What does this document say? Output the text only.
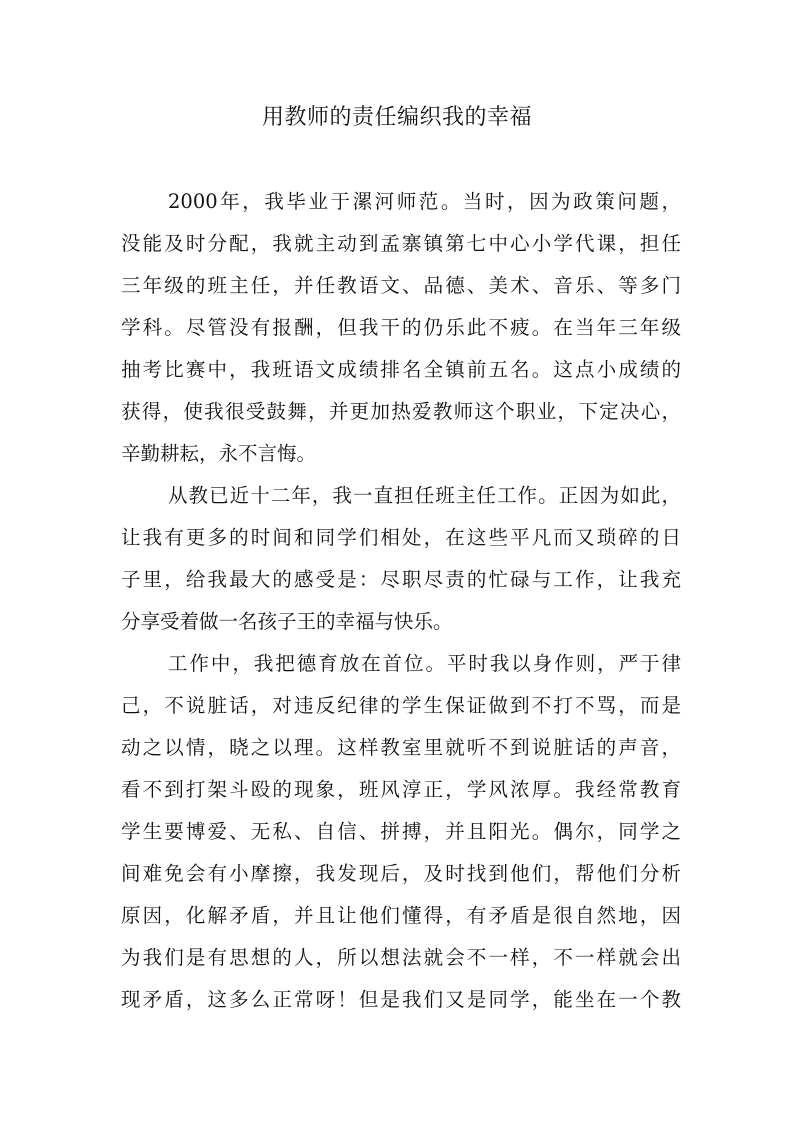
用教师的责任编织我的幸福
2000年，我毕业于漯河师范。当时，因为政策问题，
没能及时分配，我就主动到孟寨镇第七中心小学代课，担任
三年级的班主任，并任教语文、品德、美术、音乐、等多门
学科。尽管没有报酬，但我干的仍乐此不疲。在当年三年级
抽考比赛中，我班语文成绩排名全镇前五名。这点小成绩的
获得，使我很受鼓舞，并更加热爱教师这个职业，下定决心，
辛勤耕耘，永不言悔。
从教已近十二年，我一直担任班主任工作。正因为如此，
让我有更多的时间和同学们相处，在这些平凡而又琐碎的日
子里，给我最大的感受是：尽职尽责的忙碌与工作，让我充
分享受着做一名孩子王的幸福与快乐。
工作中，我把德育放在首位。平时我以身作则，严于律
己，不说脏话，对违反纪律的学生保证做到不打不骂，而是
动之以情，晓之以理。这样教室里就听不到说脏话的声音，
看不到打架斗殴的现象，班风淳正，学风浓厚。我经常教育
学生要博爱、无私、自信、拼搏，并且阳光。偶尔，同学之
间难免会有小摩擦，我发现后，及时找到他们，帮他们分析
原因，化解矛盾，并且让他们懂得，有矛盾是很自然地，因
为我们是有思想的人，所以想法就会不一样，不一样就会出
现矛盾，这多么正常呀！但是我们又是同学，能坐在一个教
